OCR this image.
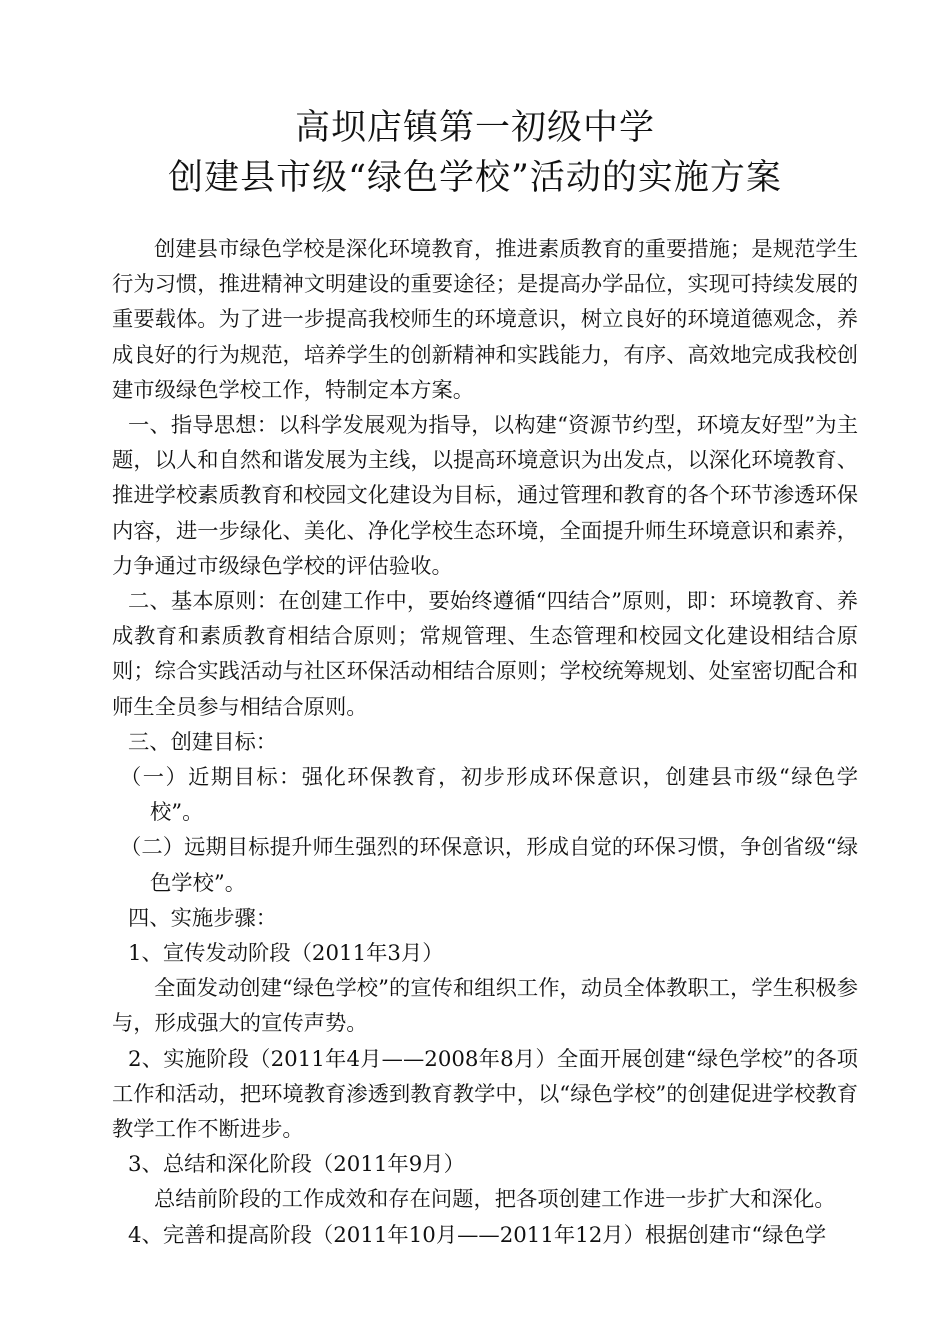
高坝店镇第一初级中学
创建县市级“绿色学校”活动的实施方案

创建县市绿色学校是深化环境教育，推进素质教育的重要措施；是规范学生行为习惯，推进精神文明建设的重要途径；是提高办学品位，实现可持续发展的重要载体。为了进一步提高我校师生的环境意识，树立良好的环境道德观念，养成良好的行为规范，培养学生的创新精神和实践能力，有序、高效地完成我校创建市级绿色学校工作，特制定本方案。

一、指导思想：以科学发展观为指导，以构建“资源节约型，环境友好型”为主题，以人和自然和谐发展为主线，以提高环境意识为出发点，以深化环境教育、推进学校素质教育和校园文化建设为目标，通过管理和教育的各个环节渗透环保内容，进一步绿化、美化、净化学校生态环境，全面提升师生环境意识和素养，力争通过市级绿色学校的评估验收。

二、基本原则：在创建工作中，要始终遵循“四结合”原则，即：环境教育、养成教育和素质教育相结合原则；常规管理、生态管理和校园文化建设相结合原则；综合实践活动与社区环保活动相结合原则；学校统筹规划、处室密切配合和师生全员参与相结合原则。

三、创建目标：

（一）近期目标：强化环保教育，初步形成环保意识，创建县市级“绿色学校”。

（二）远期目标提升师生强烈的环保意识，形成自觉的环保习惯，争创省级“绿色学校”。

四、实施步骤：

1、宣传发动阶段（2011年3月）

全面发动创建“绿色学校”的宣传和组织工作，动员全体教职工，学生积极参与，形成强大的宣传声势。

2、实施阶段（2011年4月——2008年8月）全面开展创建“绿色学校”的各项工作和活动，把环境教育渗透到教育教学中，以“绿色学校”的创建促进学校教育教学工作不断进步。

3、总结和深化阶段（2011年9月）

总结前阶段的工作成效和存在问题，把各项创建工作进一步扩大和深化。

4、完善和提高阶段（2011年10月——2011年12月）根据创建市“绿色学
